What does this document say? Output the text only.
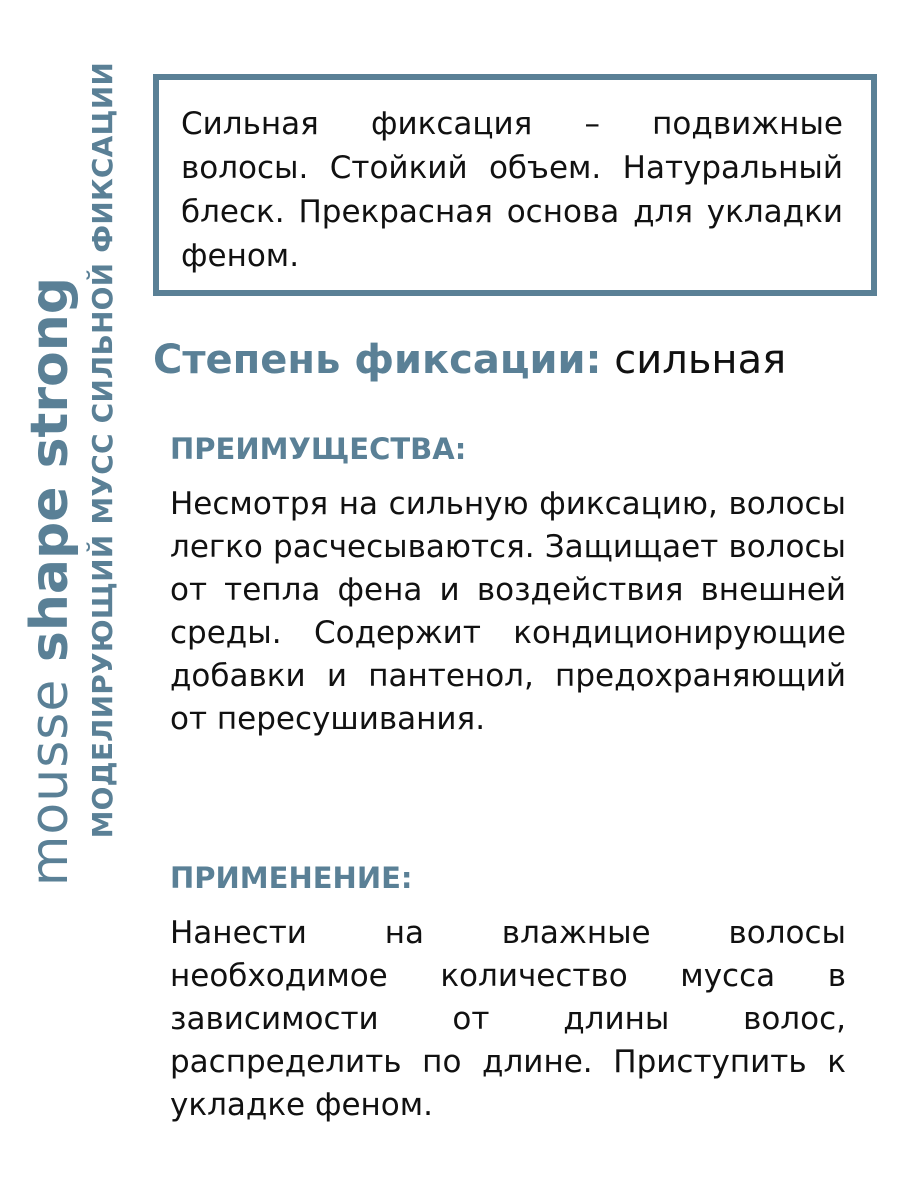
mousse shape strong МОДЕЛИРУЮЩИЙ МУСС СИЛЬНОЙ ФИКСАЦИИ Сильная фиксация – подвижные волосы. Стойкий объем. Натуральный блеск. Прекрасная основа для укладки феном.

Степень фиксации: сильная
ПРЕИМУЩЕСТВА:

Несмотря на сильную фиксацию, волосы легко расчесываются. Защищает волосы от тепла фена и воздействия внешней среды. Содержит кондиционирующие добавки и пантенол, предохраняющий от пересушивания.

ПРИМЕНЕНИЕ:

Нанести на влажные волосы необходимое количество мусса в зависимости от длины волос, распределить по длине. Приступить к укладке феном.
